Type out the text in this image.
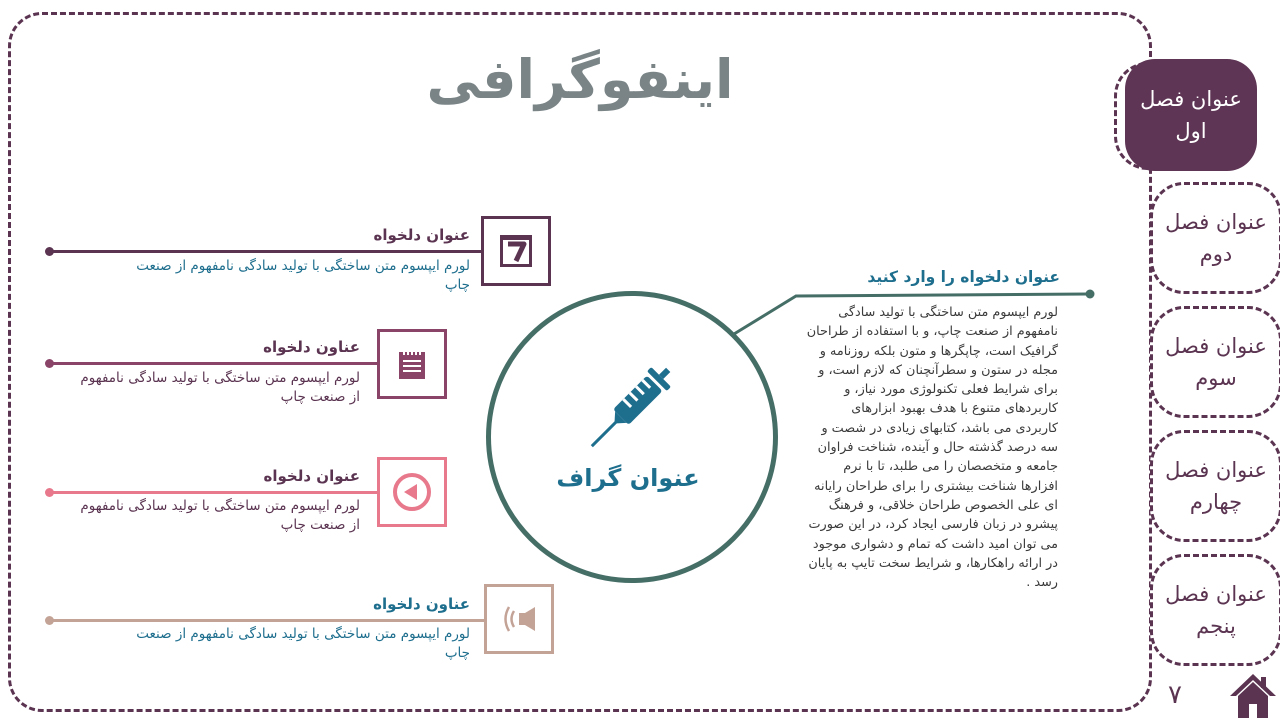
اینفوگرافی	عنوان فصل اول
عنوان فصل دوم
عنوان فصل سوم
عنوان فصل چهارم
عنوان فصل پنجم
۷
عنوان دلخواه
لورم ایپسوم متن ساختگی با تولید سادگی نامفهوم از صنعت چاپ
عناون دلخواه
لورم ایپسوم متن ساختگی با تولید سادگی نامفهوم از صنعت چاپ
عنوان دلخواه
لورم ایپسوم متن ساختگی با تولید سادگی نامفهوم از صنعت چاپ
عناون دلخواه
لورم ایپسوم متن ساختگی با تولید سادگی نامفهوم از صنعت چاپ
عنوان گراف
عنوان دلخواه را وارد کنید
لورم ایپسوم متن ساختگی با تولید سادگی نامفهوم از صنعت چاپ، و با استفاده از طراحان گرافیک است، چاپگرها و متون بلکه روزنامه و مجله در ستون و سطرآنچنان که لازم است، و برای شرایط فعلی تکنولوژی مورد نیاز، و کاربردهای متنوع با هدف بهبود ابزارهای کاربردی می باشد، کتابهای زیادی در شصت و سه درصد گذشته حال و آینده، شناخت فراوان جامعه و متخصصان را می طلبد، تا با نرم افزارها شناخت بیشتری را برای طراحان رایانه ای علی الخصوص طراحان خلاقی، و فرهنگ پیشرو در زبان فارسی ایجاد کرد، در این صورت می توان امید داشت که تمام و دشواری موجود در ارائه راهکارها، و شرایط سخت تایپ به پایان رسد .
